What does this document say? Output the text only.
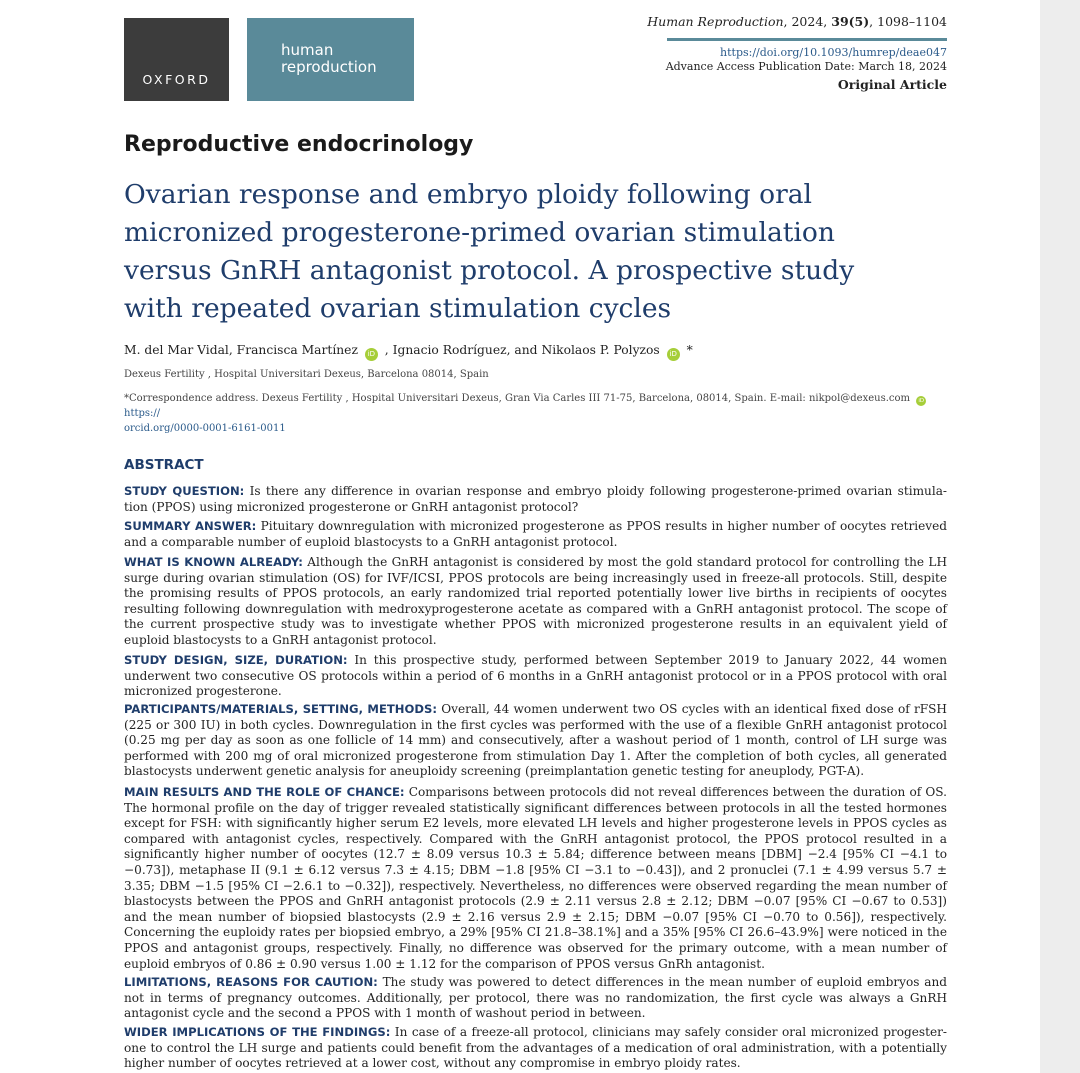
OXFORD
human
reproduction
Human Reproduction, 2024, 39(5), 1098–1104
https://doi.org/10.1093/humrep/deae047
Advance Access Publication Date: March 18, 2024
Original Article
Reproductive endocrinology
Ovarian response and embryo ploidy following oral
micronized progesterone-primed ovarian stimulation
versus GnRH antagonist protocol. A prospective study
with repeated ovarian stimulation cycles
M. del Mar Vidal, Francisca Martínez iD , Ignacio Rodríguez, and Nikolaos P. Polyzos iD *
Dexeus Fertility , Hospital Universitari Dexeus, Barcelona 08014, Spain
*Correspondence address. Dexeus Fertility , Hospital Universitari Dexeus, Gran Via Carles III 71-75, Barcelona, 08014, Spain. E-mail: nikpol@dexeus.com iDhttps://
orcid.org/0000-0001-6161-0011
ABSTRACT
STUDY QUESTION: Is there any difference in ovarian response and embryo ploidy following progesterone-primed ovarian stimula-tion (PPOS) using micronized progesterone or GnRH antagonist protocol?
SUMMARY ANSWER: Pituitary downregulation with micronized progesterone as PPOS results in higher number of oocytes retrieved and a comparable number of euploid blastocysts to a GnRH antagonist protocol.
WHAT IS KNOWN ALREADY: Although the GnRH antagonist is considered by most the gold standard protocol for controlling the LH surge during ovarian stimulation (OS) for IVF/ICSI, PPOS protocols are being increasingly used in freeze-all protocols. Still, despite the promising results of PPOS protocols, an early randomized trial reported potentially lower live births in recipients of oocytes resulting following downregulation with medroxyprogesterone acetate as compared with a GnRH antagonist protocol. The scope of the current prospective study was to investigate whether PPOS with micronized progesterone results in an equivalent yield of euploid blastocysts to a GnRH antagonist protocol.
STUDY DESIGN, SIZE, DURATION: In this prospective study, performed between September 2019 to January 2022, 44 women underwent two consecutive OS protocols within a period of 6 months in a GnRH antagonist protocol or in a PPOS protocol with oral micronized progesterone.
PARTICIPANTS/MATERIALS, SETTING, METHODS: Overall, 44 women underwent two OS cycles with an identical fixed dose of rFSH (225 or 300 IU) in both cycles. Downregulation in the first cycles was performed with the use of a flexible GnRH antagonist protocol (0.25 mg per day as soon as one follicle of 14 mm) and consecutively, after a washout period of 1 month, control of LH surge was performed with 200 mg of oral micronized progesterone from stimulation Day 1. After the completion of both cycles, all generated blastocysts underwent genetic analysis for aneuploidy screening (preimplantation genetic testing for aneuplody, PGT-A).
MAIN RESULTS AND THE ROLE OF CHANCE: Comparisons between protocols did not reveal differences between the duration of OS. The hormonal profile on the day of trigger revealed statistically significant differences between protocols in all the tested hormones except for FSH: with significantly higher serum E2 levels, more elevated LH levels and higher progesterone levels in PPOS cycles as compared with antagonist cycles, respectively. Compared with the GnRH antagonist protocol, the PPOS protocol resulted in a significantly higher number of oocytes (12.7 ± 8.09 versus 10.3 ± 5.84; difference between means [DBM] −2.4 [95% CI −4.1 to −0.73]), metaphase II (9.1 ± 6.12 versus 7.3 ± 4.15; DBM −1.8 [95% CI −3.1 to −0.43]), and 2 pronuclei (7.1 ± 4.99 versus 5.7 ± 3.35; DBM −1.5 [95% CI −2.6.1 to −0.32]), respectively. Nevertheless, no differences were observed regarding the mean number of blastocysts between the PPOS and GnRH antagonist protocols (2.9 ± 2.11 versus 2.8 ± 2.12; DBM −0.07 [95% CI −0.67 to 0.53]) and the mean number of biopsied blastocysts (2.9 ± 2.16 versus 2.9 ± 2.15; DBM −0.07 [95% CI −0.70 to 0.56]), respectively. Concerning the euploidy rates per biopsied embryo, a 29% [95% CI 21.8–38.1%] and a 35% [95% CI 26.6–43.9%] were noticed in the PPOS and antagonist groups, respectively. Finally, no difference was observed for the primary outcome, with a mean number of euploid embryos of 0.86 ± 0.90 versus 1.00 ± 1.12 for the comparison of PPOS versus GnRh antagonist.
LIMITATIONS, REASONS FOR CAUTION: The study was powered to detect differences in the mean number of euploid embryos and not in terms of pregnancy outcomes. Additionally, per protocol, there was no randomization, the first cycle was always a GnRH antagonist cycle and the second a PPOS with 1 month of washout period in between.
WIDER IMPLICATIONS OF THE FINDINGS: In case of a freeze-all protocol, clinicians may safely consider oral micronized progester-one to control the LH surge and patients could benefit from the advantages of a medication of oral administration, with a potentially higher number of oocytes retrieved at a lower cost, without any compromise in embryo ploidy rates.
